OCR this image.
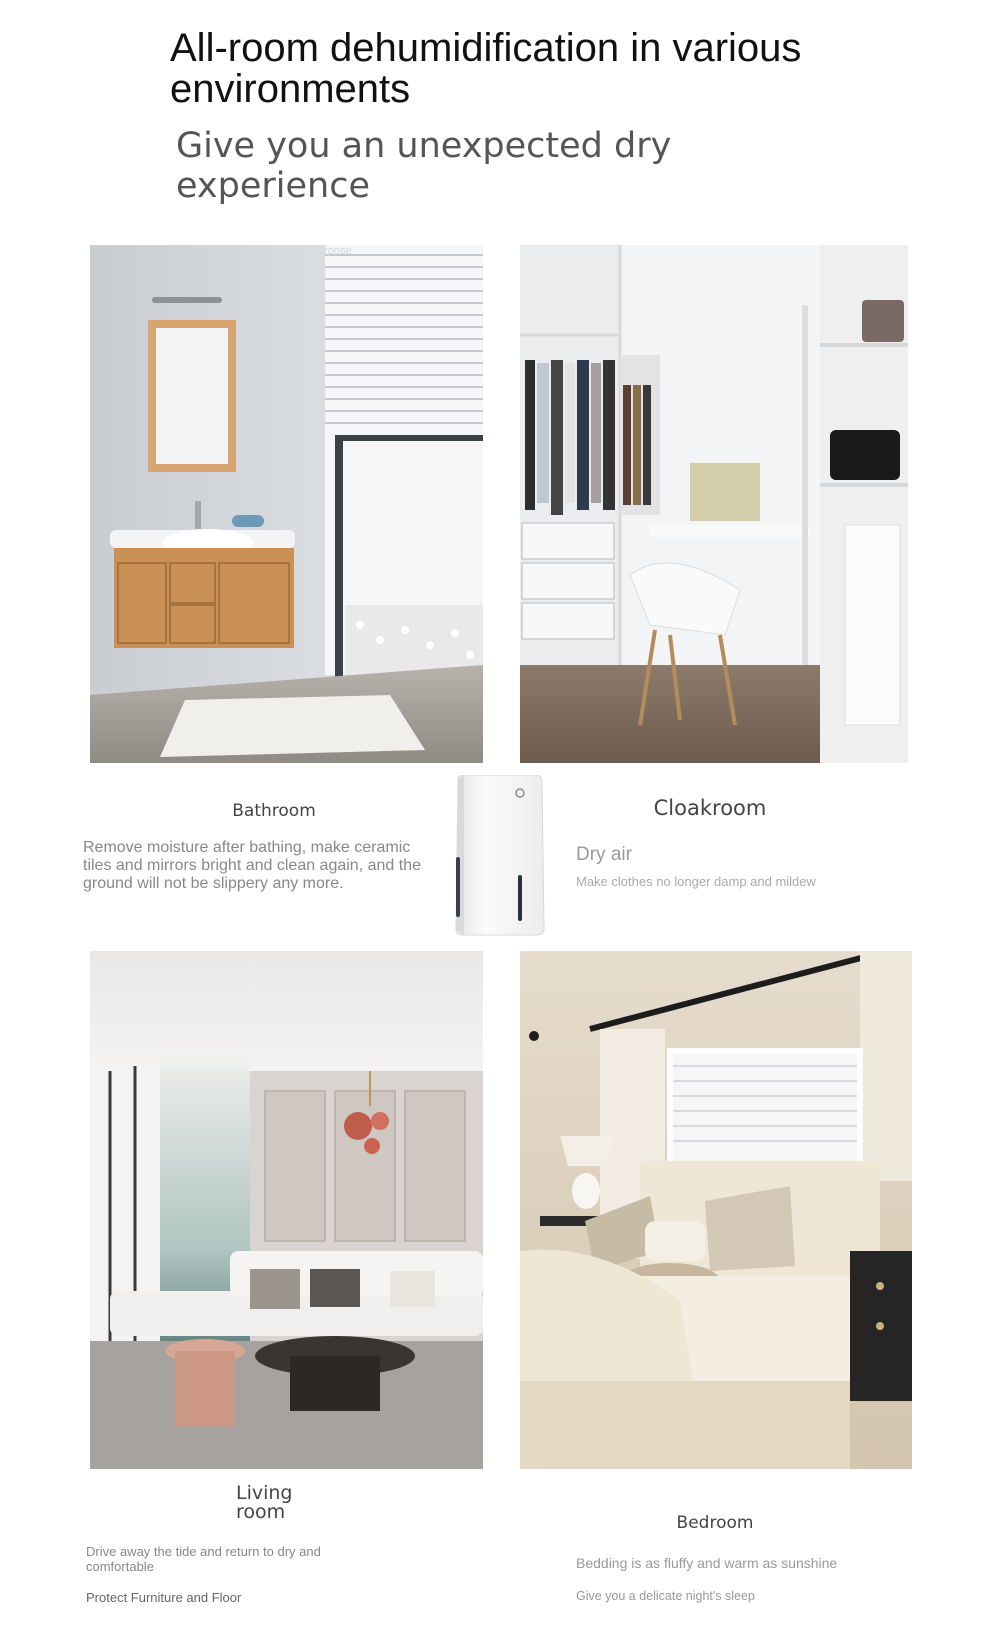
All-room dehumidification in various environments
Give you an unexpected dry experience
urpose
Bathroom
Remove moisture after bathing, make ceramic tiles and mirrors bright and clean again, and the ground will not be slippery any more.
Cloakroom
Dry air
Make clothes no longer damp and mildew
Living room
Drive away the tide and return to dry and comfortable
Protect Furniture and Floor
Bedroom
Bedding is as fluffy and warm as sunshine
Give you a delicate night's sleep
